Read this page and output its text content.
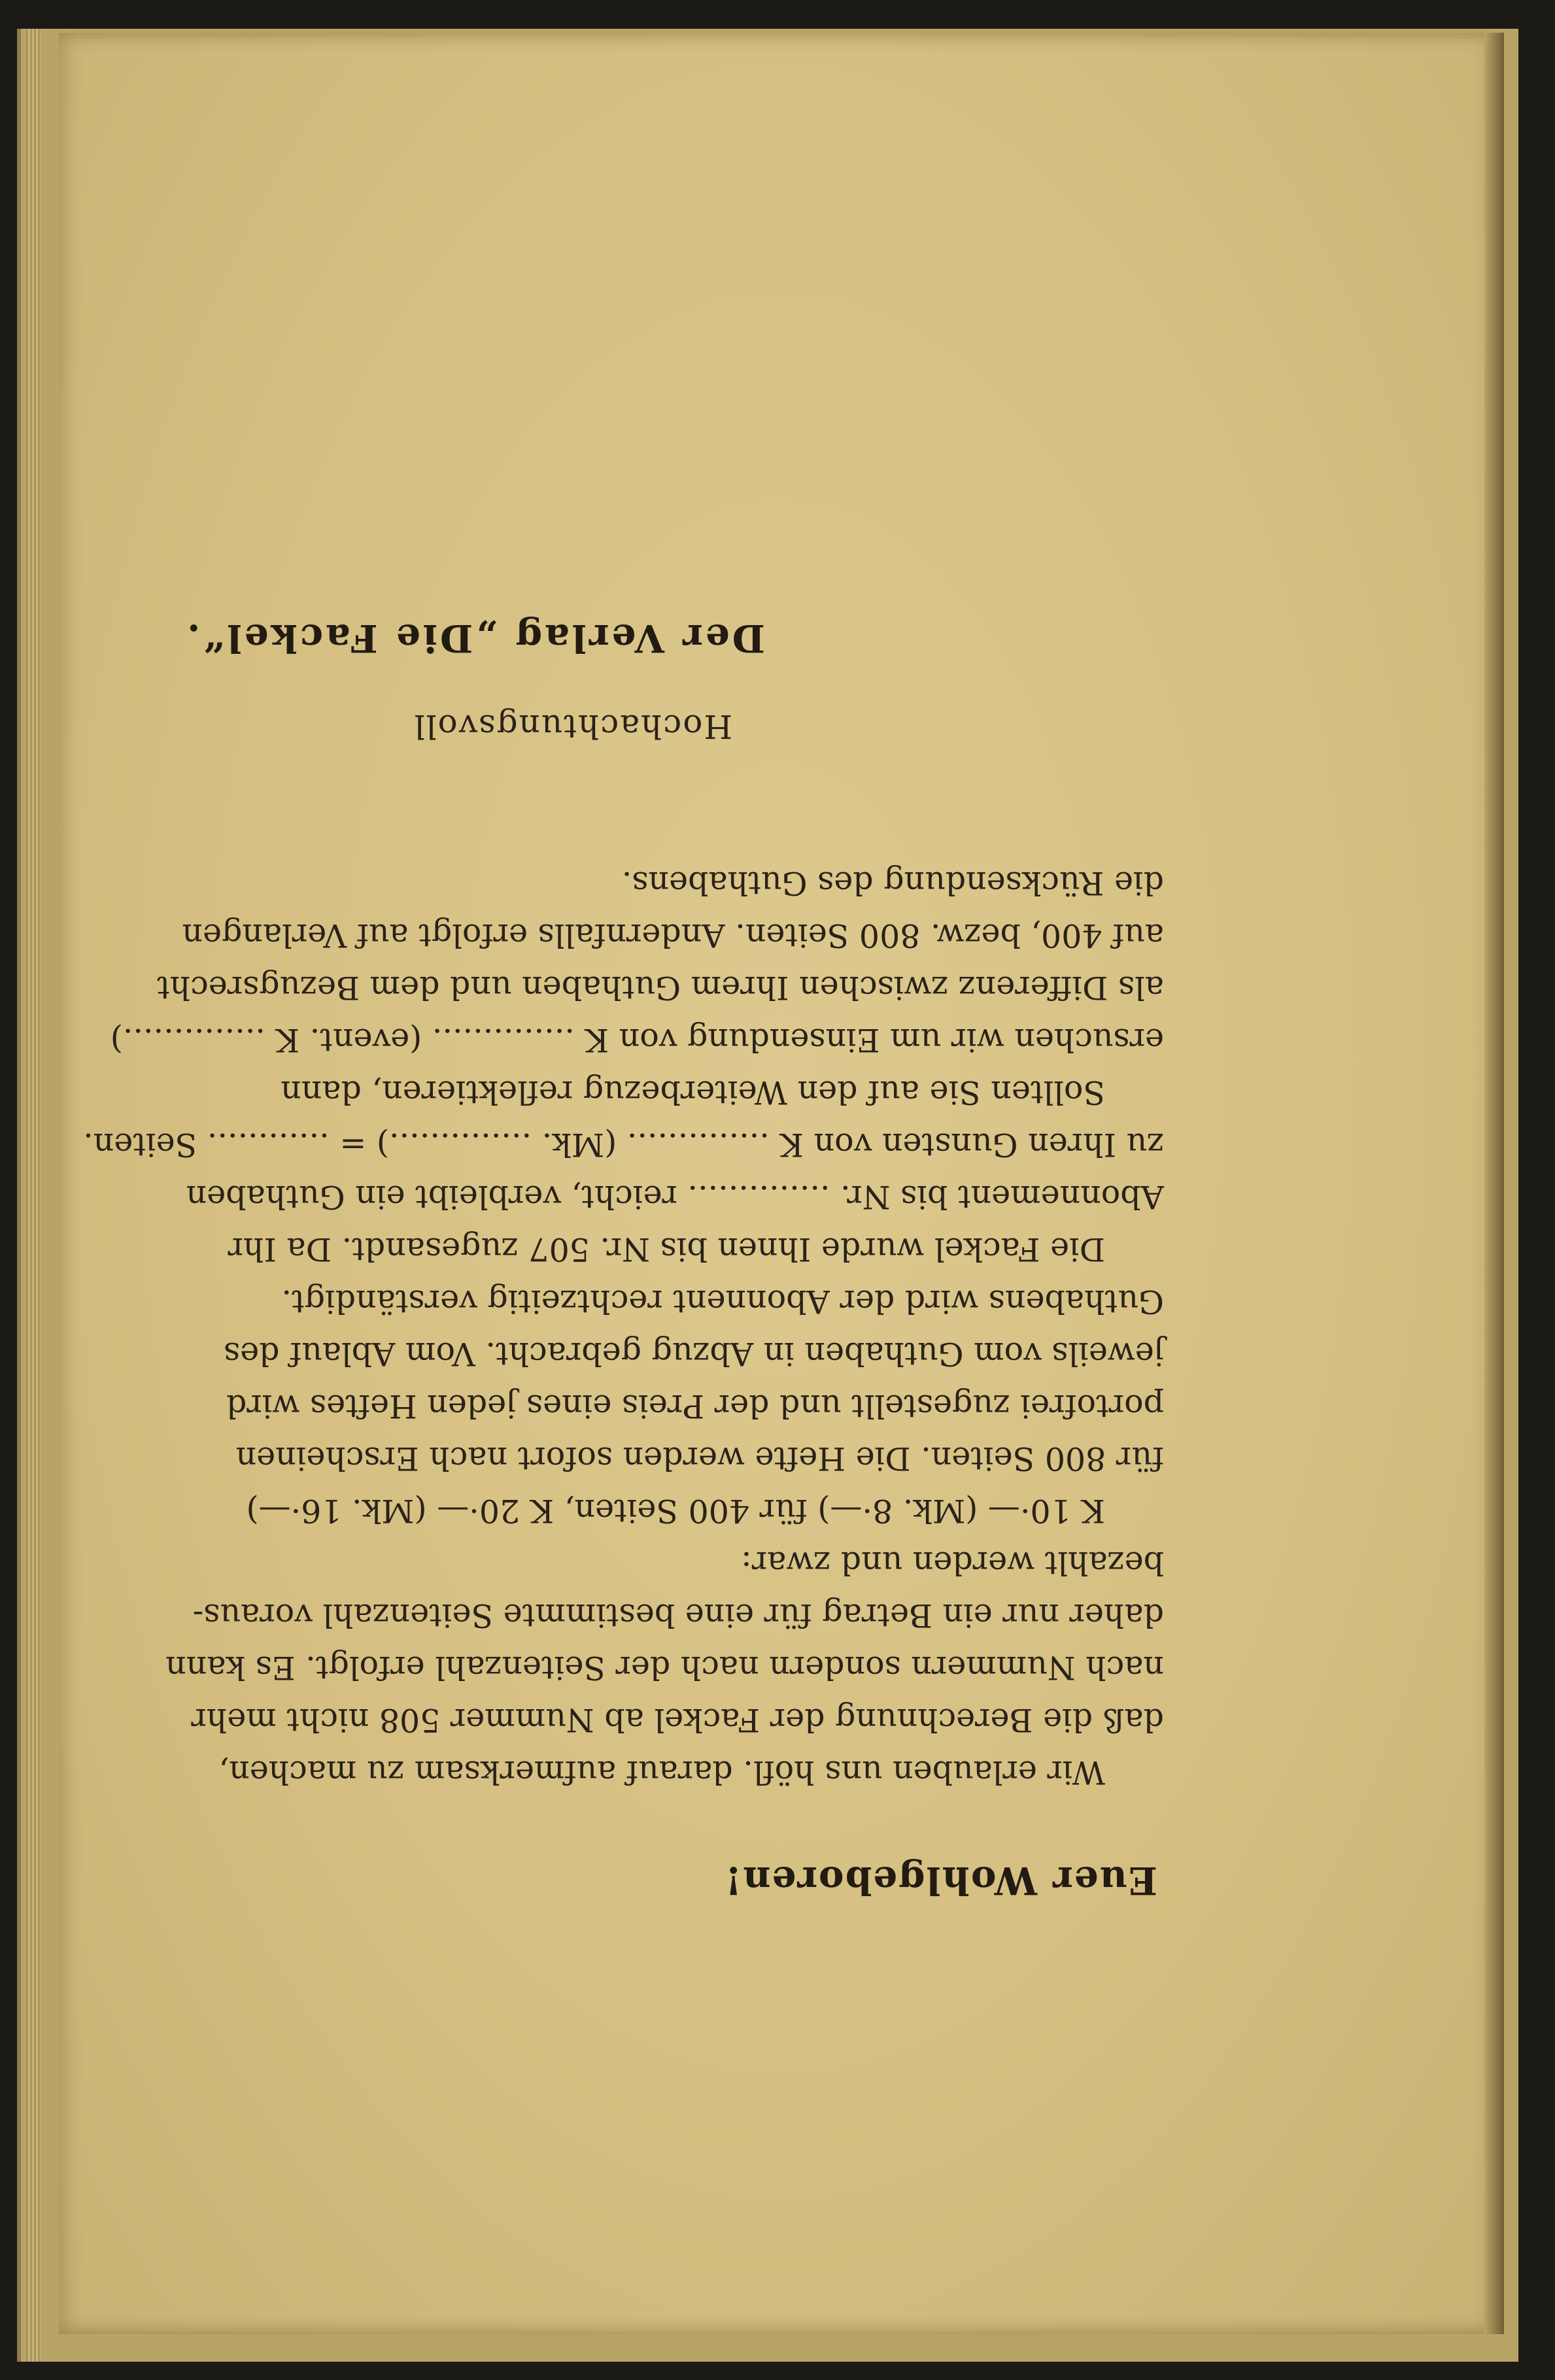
Euer Wohlgeboren!
Wir erlauben uns höfl. darauf aufmerksam zu machen,
daß die Berechnung der Fackel ab Nummer 508 nicht mehr
nach Nummern sondern nach der Seitenzahl erfolgt. Es kann
daher nur ein Betrag für eine bestimmte Seitenzahl voraus-
bezahlt werden und zwar:
K 10·— (Mk. 8·—) für 400 Seiten, K 20·— (Mk. 16·—)
für 800 Seiten. Die Hefte werden sofort nach Erscheinen
portofrei zugestellt und der Preis eines jeden Heftes wird
jeweils vom Guthaben in Abzug gebracht. Vom Ablauf des
Guthabens wird der Abonnent rechtzeitig verständigt.
Die Fackel wurde Ihnen bis Nr. 507 zugesandt. Da Ihr
Abonnement bis Nr. .............. reicht, verbleibt ein Guthaben
zu Ihren Gunsten von K .............. (Mk. ..............) = ............ Seiten.
Sollten Sie auf den Weiterbezug reflektieren, dann
ersuchen wir um Einsendung von K .............. (event. K ..............)
als Differenz zwischen Ihrem Guthaben und dem Bezugsrecht
auf 400, bezw. 800 Seiten. Andernfalls erfolgt auf Verlangen
die Rücksendung des Guthabens.
Hochachtungsvoll
Der Verlag „Die Fackel“.
